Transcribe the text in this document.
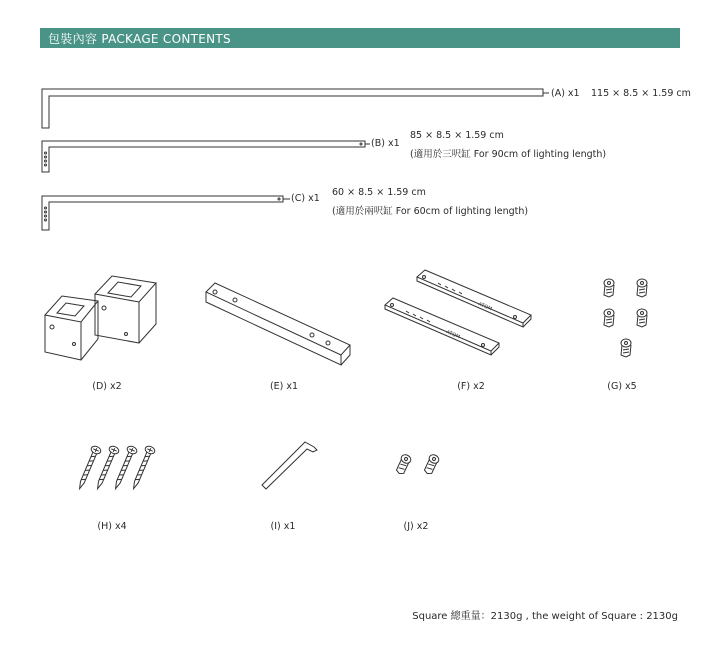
包裝內容 PACKAGE CONTENTS
ATOM
ATOM
(A) x1 115 × 8.5 × 1.59 cm
(B) x1
85 × 8.5 × 1.59 cm
(適用於三呎缸 For 90cm of lighting length)
(C) x1
60 × 8.5 × 1.59 cm
(適用於兩呎缸 For 60cm of lighting length)
(D) x2	(E) x1	(F) x2	(G) x5
(H) x4	(I) x1	(J) x2
Square 總重量：2130g , the weight of Square : 2130g
